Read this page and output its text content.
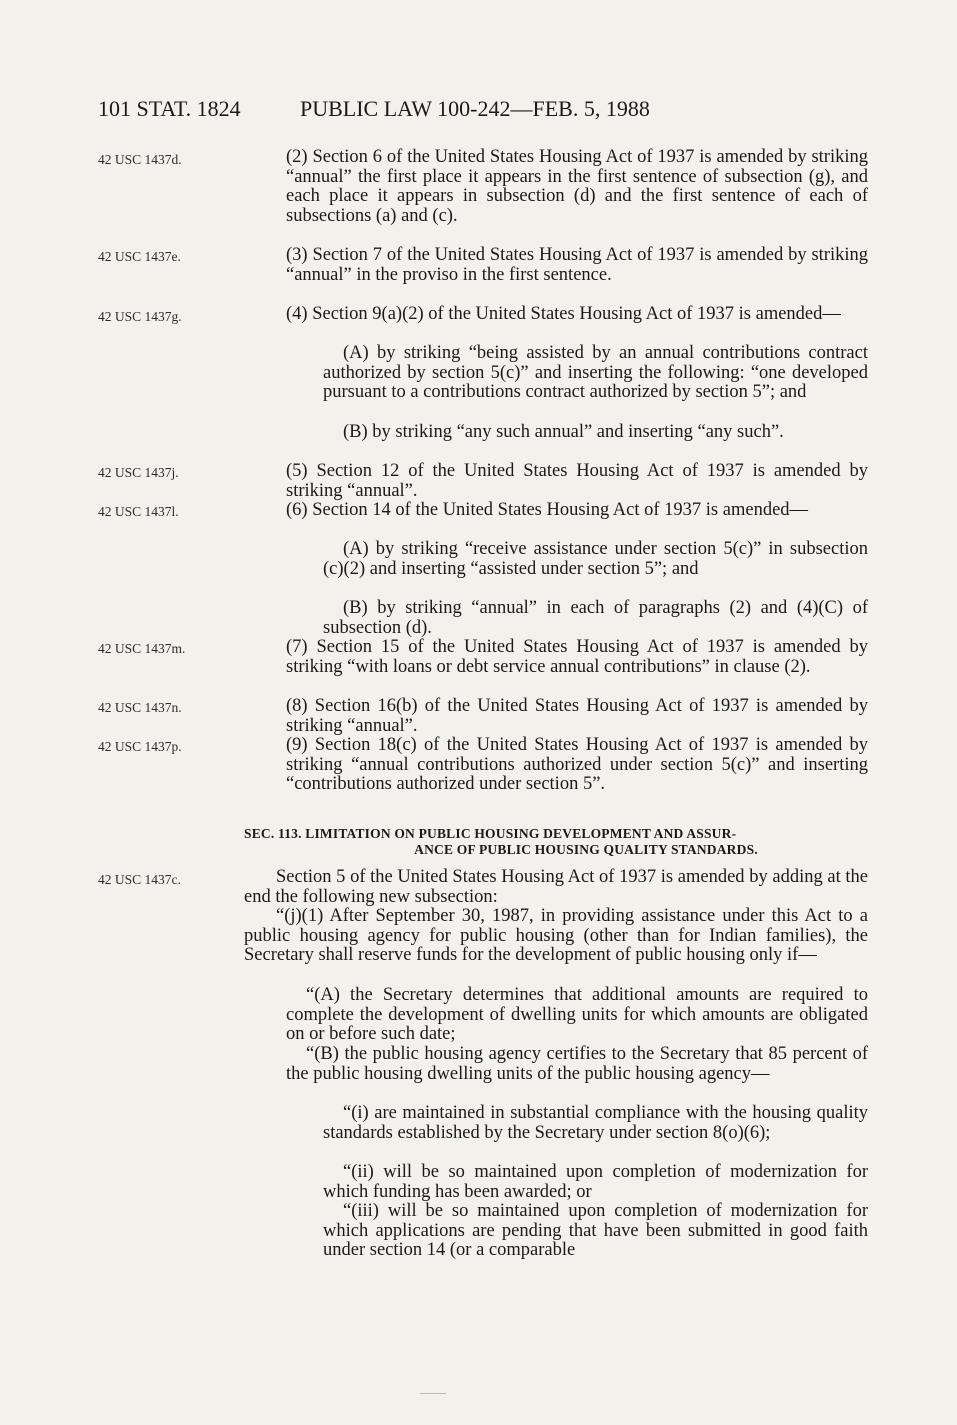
101 STAT. 1824	PUBLIC LAW 100-242—FEB. 5, 1988
42 USC 1437d.
42 USC 1437e.
42 USC 1437g.
42 USC 1437j.
42 USC 1437l.
42 USC 1437m.
42 USC 1437n.
42 USC 1437p.
42 USC 1437c.

(2) Section 6 of the United States Housing Act of 1937 is amended by striking “annual” the first place it appears in the first sentence of subsection (g), and each place it appears in subsection (d) and the first sentence of each of subsections (a) and (c).

(3) Section 7 of the United States Housing Act of 1937 is amended by striking “annual” in the proviso in the first sentence.

(4) Section 9(a)(2) of the United States Housing Act of 1937 is amended—

(A) by striking “being assisted by an annual contributions contract authorized by section 5(c)” and inserting the following: “one developed pursuant to a contributions contract authorized by section 5”; and
(B) by striking “any such annual” and inserting “any such”.

(5) Section 12 of the United States Housing Act of 1937 is amended by striking “annual”.

(6) Section 14 of the United States Housing Act of 1937 is amended—

(A) by striking “receive assistance under section 5(c)” in subsection (c)(2) and inserting “assisted under section 5”; and
(B) by striking “annual” in each of paragraphs (2) and (4)(C) of subsection (d).

(7) Section 15 of the United States Housing Act of 1937 is amended by striking “with loans or debt service annual contributions” in clause (2).

(8) Section 16(b) of the United States Housing Act of 1937 is amended by striking “annual”.

(9) Section 18(c) of the United States Housing Act of 1937 is amended by striking “annual contributions authorized under section 5(c)” and inserting “contributions authorized under section 5”.

SEC. 113. LIMITATION ON PUBLIC HOUSING DEVELOPMENT AND ASSUR-
ANCE OF PUBLIC HOUSING QUALITY STANDARDS.

Section 5 of the United States Housing Act of 1937 is amended by adding at the end the following new subsection:

“(j)(1) After September 30, 1987, in providing assistance under this Act to a public housing agency for public housing (other than for Indian families), the Secretary shall reserve funds for the development of public housing only if—

“(A) the Secretary determines that additional amounts are required to complete the development of dwelling units for which amounts are obligated on or before such date;
“(B) the public housing agency certifies to the Secretary that 85 percent of the public housing dwelling units of the public housing agency—
“(i) are maintained in substantial compliance with the housing quality standards established by the Secretary under section 8(o)(6);
“(ii) will be so maintained upon completion of modernization for which funding has been awarded; or
“(iii) will be so maintained upon completion of modernization for which applications are pending that have been submitted in good faith under section 14 (or a comparable
